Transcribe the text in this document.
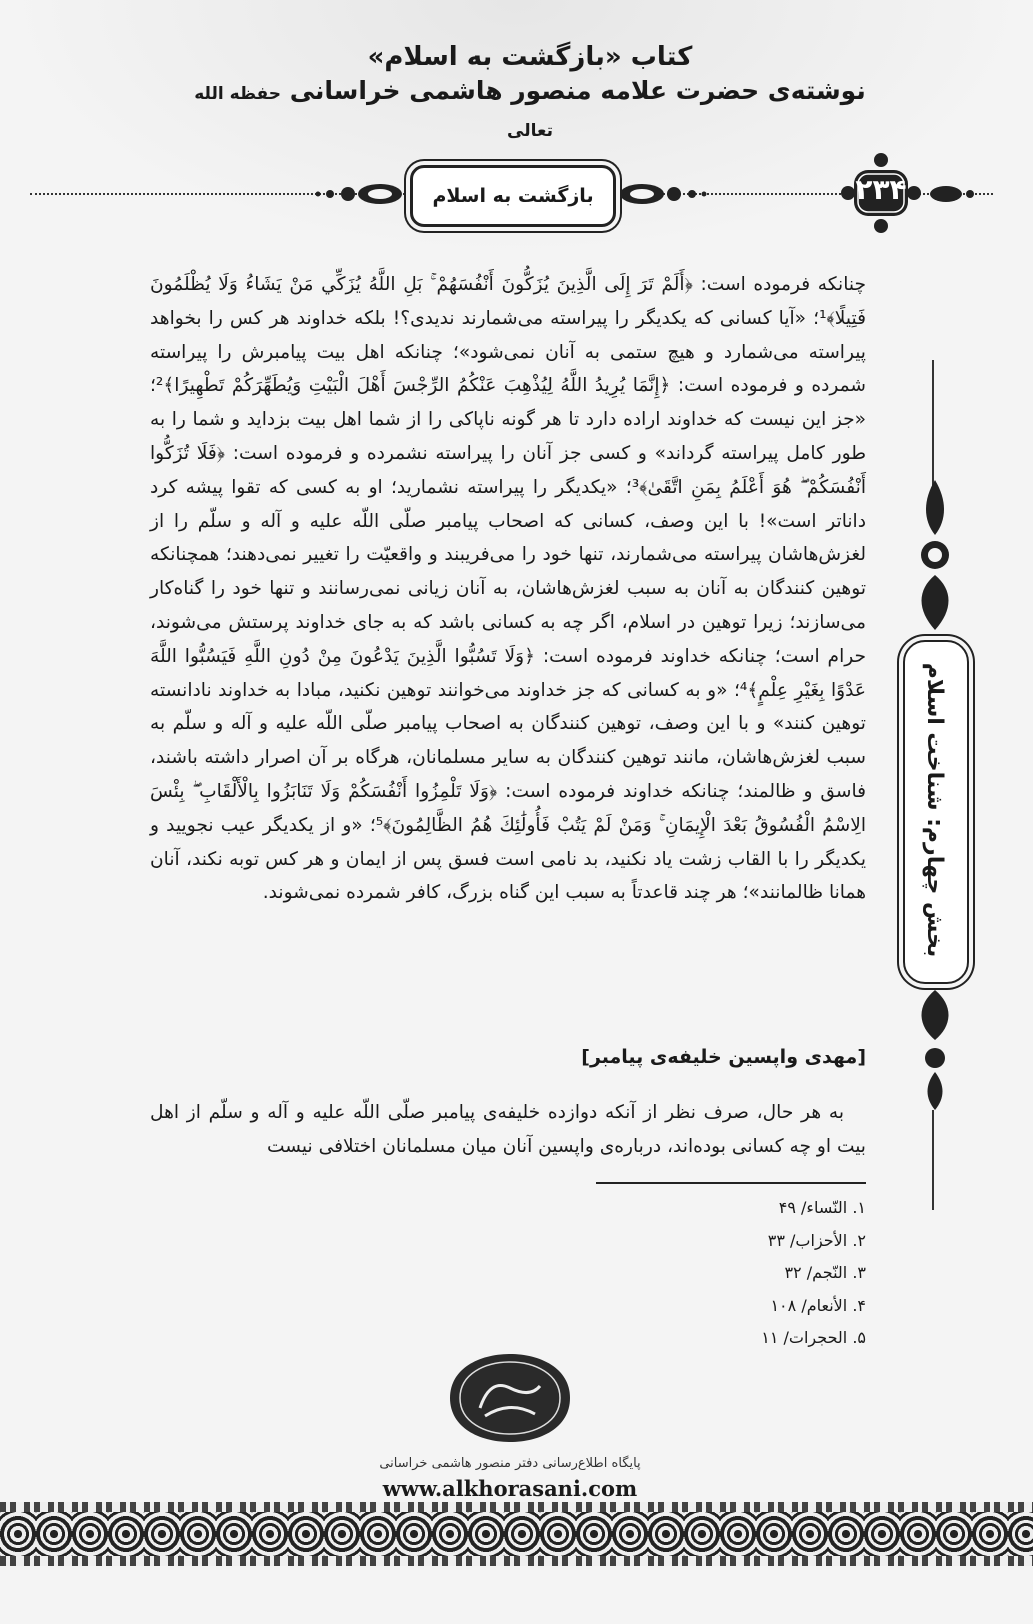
کتاب «بازگشت به اسلام»
نوشته‌ی حضرت علامه منصور هاشمی خراسانی حفظه الله تعالی
بازگشت به اسلام	۲۳۴

چنانکه فرموده است: ﴿أَلَمْ تَرَ إِلَى الَّذِينَ يُزَكُّونَ أَنْفُسَهُمْ ۚ بَلِ اللَّهُ يُزَكِّي مَنْ يَشَاءُ وَلَا يُظْلَمُونَ فَتِيلًا﴾¹؛ «آیا کسانی که یکدیگر را پیراسته می‌شمارند ندیدی؟! بلکه خداوند هر کس را بخواهد پیراسته می‌شمارد و هیچ ستمی به آنان نمی‌شود»؛ چنانکه اهل بیت پیامبرش را پیراسته شمرده و فرموده است: ﴿إِنَّمَا يُرِيدُ اللَّهُ لِيُذْهِبَ عَنْكُمُ الرِّجْسَ أَهْلَ الْبَيْتِ وَيُطَهِّرَكُمْ تَطْهِيرًا﴾²؛ «جز این نیست که خداوند اراده دارد تا هر گونه ناپاکی را از شما اهل بیت بزداید و شما را به طور کامل پیراسته گرداند» و کسی جز آنان را پیراسته نشمرده و فرموده است: ﴿فَلَا تُزَكُّوا أَنْفُسَكُمْ ۖ هُوَ أَعْلَمُ بِمَنِ اتَّقَىٰ﴾³؛ «یکدیگر را پیراسته نشمارید؛ او به کسی که تقوا پیشه کرد داناتر است»! با این وصف، کسانی که اصحاب پیامبر صلّی اللّه علیه و آله و سلّم را از لغزش‌هاشان پیراسته می‌شمارند، تنها خود را می‌فریبند و واقعیّت را تغییر نمی‌دهند؛ همچنانکه توهین کنندگان به آنان به سبب لغزش‌هاشان، به آنان زیانی نمی‌رسانند و تنها خود را گناه‌کار می‌سازند؛ زیرا توهین در اسلام، اگر چه به کسانی باشد که به جای خداوند پرستش می‌شوند، حرام است؛ چنانکه خداوند فرموده است: ﴿وَلَا تَسُبُّوا الَّذِينَ يَدْعُونَ مِنْ دُونِ اللَّهِ فَيَسُبُّوا اللَّهَ عَدْوًا بِغَيْرِ عِلْمٍ﴾⁴؛ «و به کسانی که جز خداوند می‌خوانند توهین نکنید، مبادا به خداوند نادانسته توهین کنند» و با این وصف، توهین کنندگان به اصحاب پیامبر صلّی اللّه علیه و آله و سلّم به سبب لغزش‌هاشان، مانند توهین کنندگان به سایر مسلمانان، هرگاه بر آن اصرار داشته باشند، فاسق و ظالمند؛ چنانکه خداوند فرموده است: ﴿وَلَا تَلْمِزُوا أَنْفُسَكُمْ وَلَا تَنَابَزُوا بِالْأَلْقَابِ ۖ بِئْسَ الِاسْمُ الْفُسُوقُ بَعْدَ الْإِيمَانِ ۚ وَمَنْ لَمْ يَتُبْ فَأُولَٰئِكَ هُمُ الظَّالِمُونَ﴾⁵؛ «و از یکدیگر عیب نجویید و یکدیگر را با القاب زشت یاد نکنید، بد نامی است فسق پس از ایمان و هر کس توبه نکند، آنان همانا ظالمانند»؛ هر چند قاعدتاً به سبب این گناه بزرگ، کافر شمرده نمی‌شوند.

[مهدی واپسین خلیفه‌ی پیامبر]
به هر حال، صرف نظر از آنکه دوازده خلیفه‌ی پیامبر صلّی اللّه علیه و آله و سلّم از اهل بیت او چه کسانی بوده‌اند، درباره‌ی واپسین آنان میان مسلمانان اختلافی نیست
۱. النّساء/ ۴۹
۲. الأحزاب/ ۳۳
۳. النّجم/ ۳۲
۴. الأنعام/ ۱۰۸
۵. الحجرات/ ۱۱
بخش چهارم: شناخت اسلام
پایگاه اطلاع‌رسانی دفتر منصور هاشمی خراسانی
www.alkhorasani.com
